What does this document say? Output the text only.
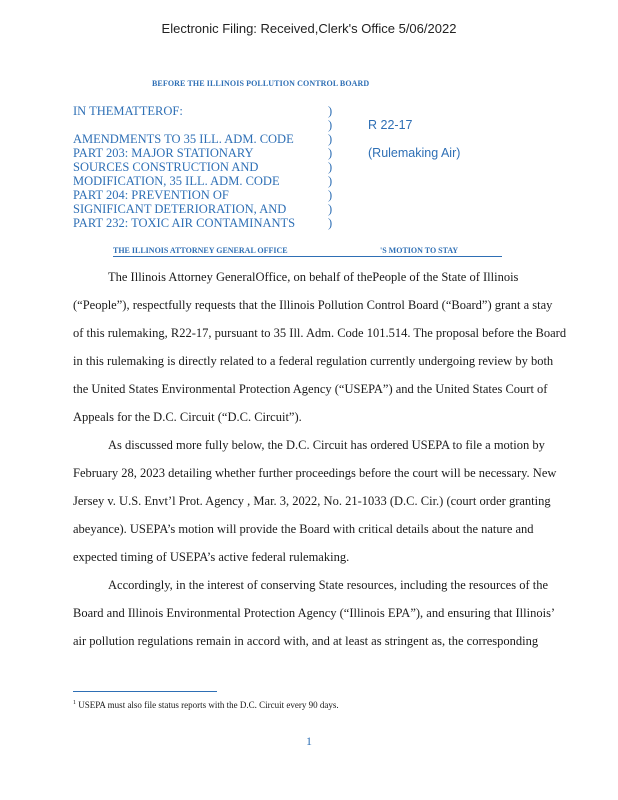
Electronic Filing: Received,Clerk's Office 5/06/2022
BEFORE THE ILLINOIS POLLUTION CONTROL BOARD
IN THEMATTEROF:
AMENDMENTS TO 35 ILL. ADM. CODE
PART 203: MAJOR STATIONARY
SOURCES CONSTRUCTION AND
MODIFICATION, 35 ILL. ADM. CODE
PART 204: PREVENTION OF
SIGNIFICANT DETERIORATION, AND
PART 232: TOXIC AIR CONTAMINANTS
)
)
)
)
)
)
)
)
)
R 22-17
(Rulemaking Air)
THE ILLINOIS ATTORNEY GENERAL OFFICE	'S MOTION TO STAY

The Illinois Attorney GeneralOffice, on behalf of thePeople of the State of Illinois
(“People”), respectfully requests that the Illinois Pollution Control Board (“Board”) grant a stay
of this rulemaking, R22-17, pursuant to 35 Ill. Adm. Code 101.514. The proposal before the Board
in this rulemaking is directly related to a federal regulation currently undergoing review by both
the United States Environmental Protection Agency (“USEPA”) and the United States Court of
Appeals for the D.C. Circuit (“D.C. Circuit”).
As discussed more fully below, the D.C. Circuit has ordered USEPA to file a motion by
February 28, 2023 detailing whether further proceedings before the court will be necessary. New
Jersey v. U.S. Envt’l Prot. Agency , Mar. 3, 2022, No. 21-1033 (D.C. Cir.) (court order granting
abeyance). USEPA’s motion will provide the Board with critical details about the nature and
expected timing of USEPA’s active federal rulemaking.
Accordingly, in the interest of conserving State resources, including the resources of the
Board and Illinois Environmental Protection Agency (“Illinois EPA”), and ensuring that Illinois’
air pollution regulations remain in accord with, and at least as stringent as, the corresponding
$^1$ USEPA must also file status reports with the D.C. Circuit every 90 days.
1
